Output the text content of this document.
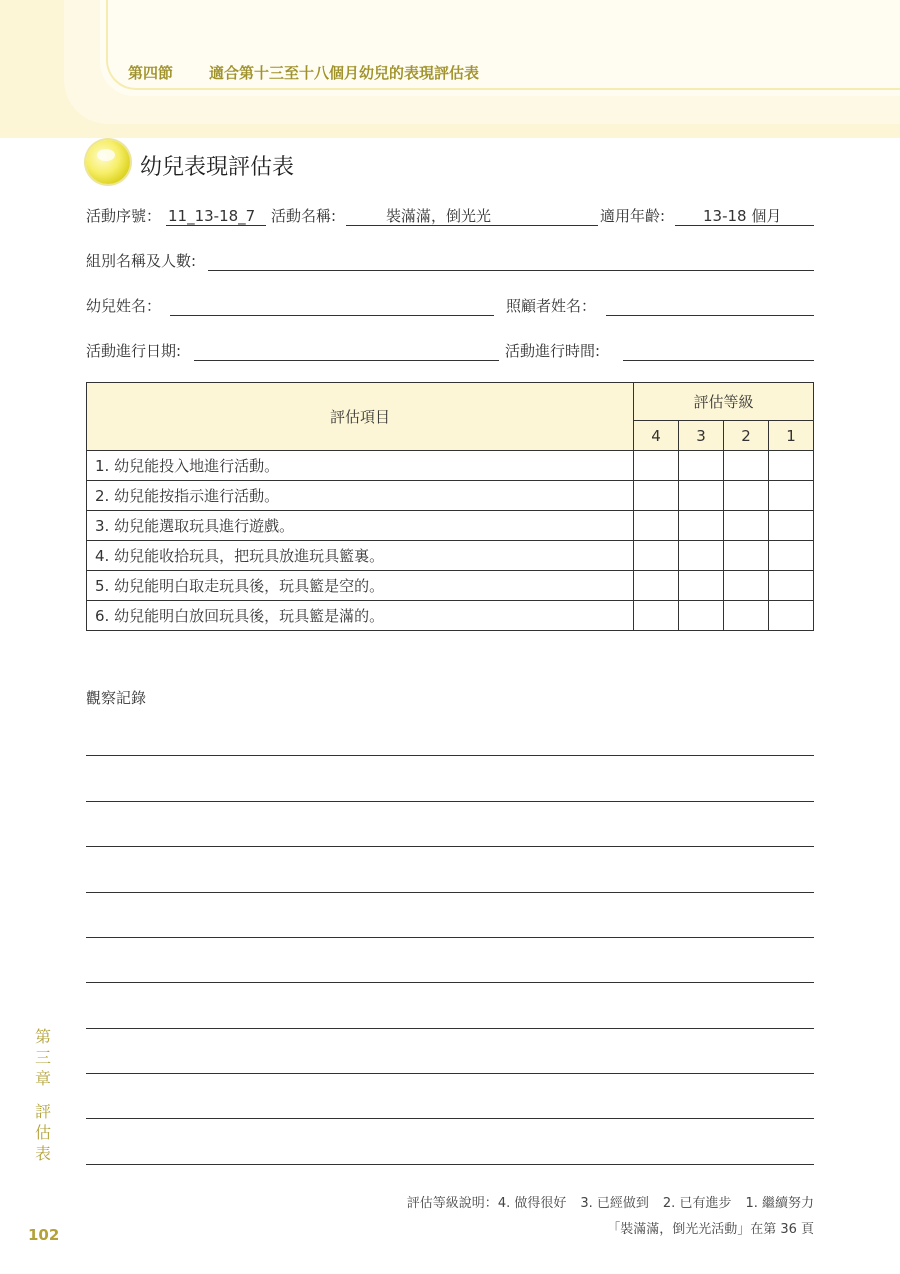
第四節 適合第十三至十八個月幼兒的表現評估表
幼兒表現評估表
活動序號： 11_13-18_7	活動名稱:	裝滿滿，倒光光	適用年齡:	13-18 個月
組別名稱及人數:
幼兒姓名：	照顧者姓名：
活動進行日期:	活動進行時間:
評估項目	評估等級			
	4	3	2	1
1. 幼兒能投入地進行活動。				
2. 幼兒能按指示進行活動。				
3. 幼兒能選取玩具進行遊戲。				
4. 幼兒能收拾玩具，把玩具放進玩具籃裏。				
5. 幼兒能明白取走玩具後，玩具籃是空的。				
6. 幼兒能明白放回玩具後，玩具籃是滿的。				
觀察記錄
第
三
章
評
估
表
102
評估等級說明：4. 做得很好 3. 已經做到 2. 已有進步 1. 繼續努力
「裝滿滿，倒光光活動」在第 36 頁
